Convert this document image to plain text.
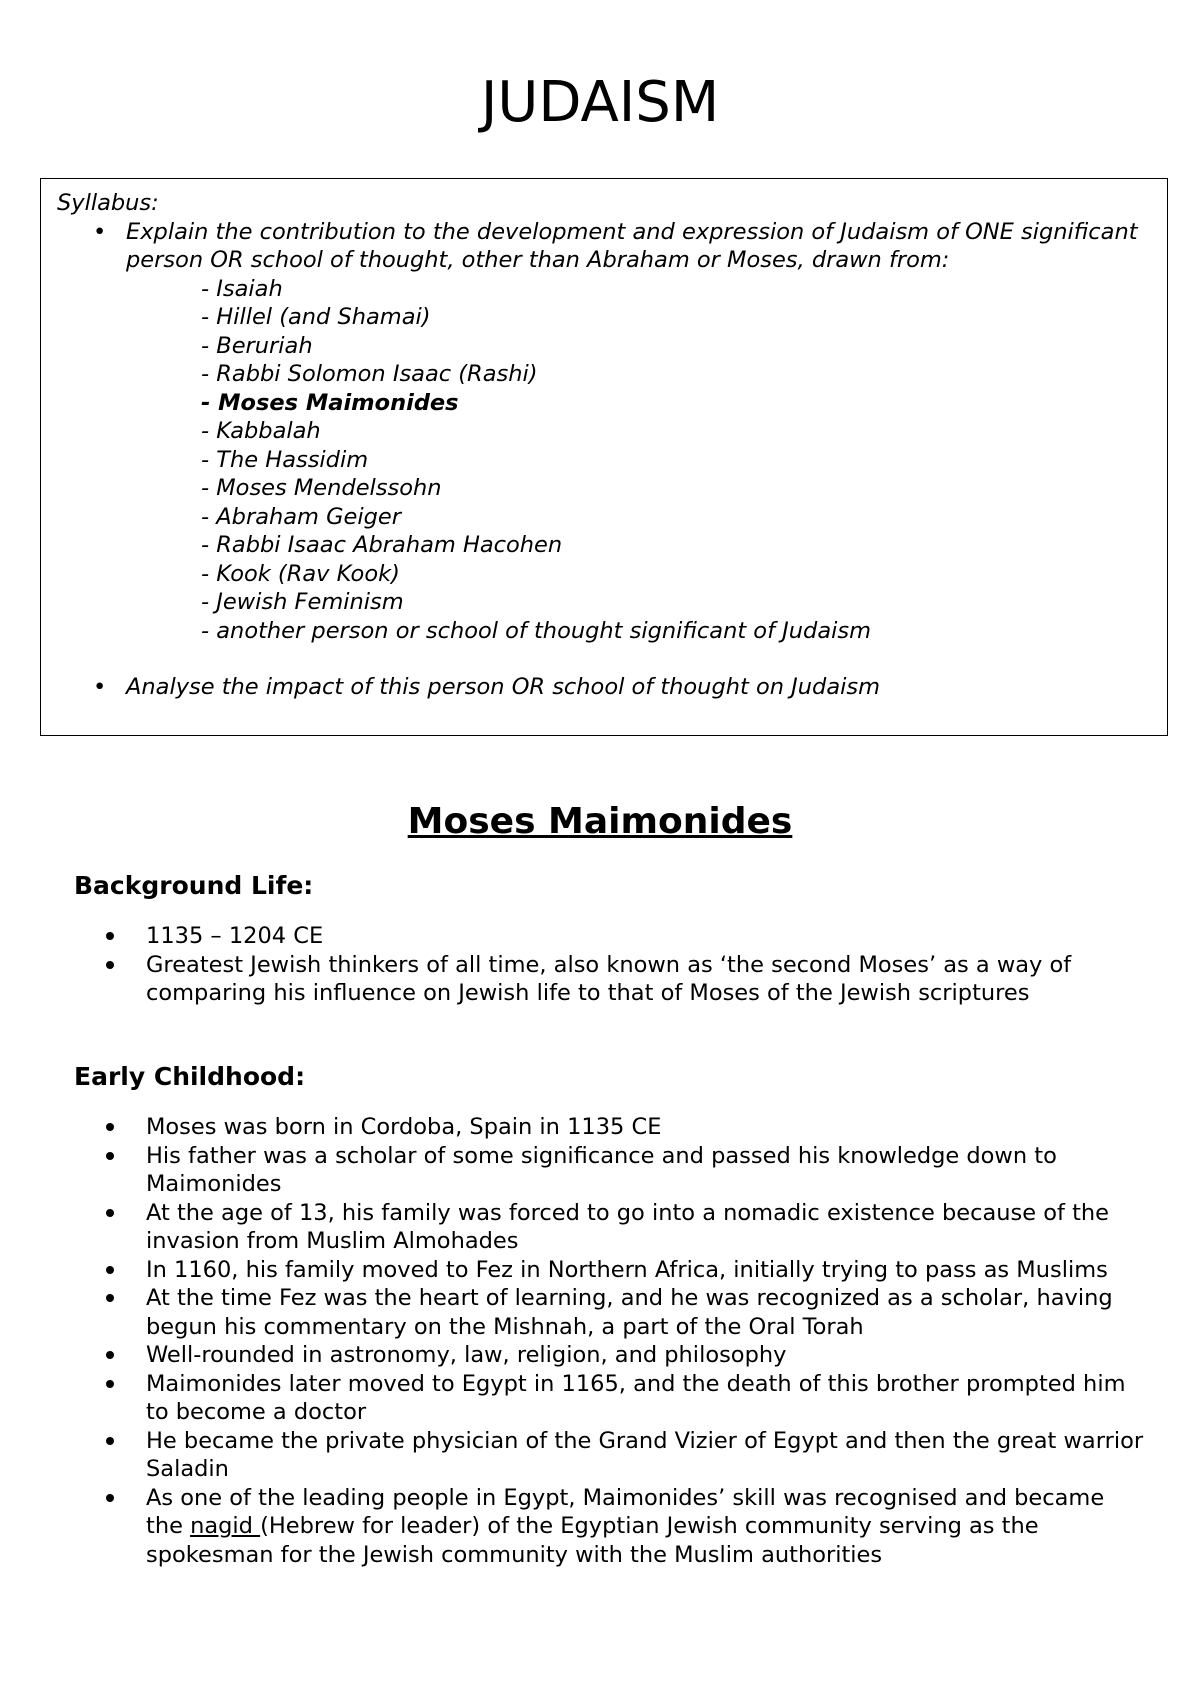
JUDAISM

Syllabus:

• Explain the contribution to the development and expression of Judaism of ONE significant person OR school of thought, other than Abraham or Moses, drawn from:
- Isaiah
- Hillel (and Shamai)
- Beruriah
- Rabbi Solomon Isaac (Rashi)
- Moses Maimonides
- Kabbalah
- The Hassidim
- Moses Mendelssohn
- Abraham Geiger
- Rabbi Isaac Abraham Hacohen
- Kook (Rav Kook)
- Jewish Feminism
- another person or school of thought significant of Judaism
• Analyse the impact of this person OR school of thought on Judaism
Moses Maimonides
Background Life:
1135 – 1204 CE
Greatest Jewish thinkers of all time, also known as ‘the second Moses’ as a way of comparing his influence on Jewish life to that of Moses of the Jewish scriptures
Early Childhood:
Moses was born in Cordoba, Spain in 1135 CE
His father was a scholar of some significance and passed his knowledge down to Maimonides
At the age of 13, his family was forced to go into a nomadic existence because of the invasion from Muslim Almohades
In 1160, his family moved to Fez in Northern Africa, initially trying to pass as Muslims
At the time Fez was the heart of learning, and he was recognized as a scholar, having begun his commentary on the Mishnah, a part of the Oral Torah
Well-rounded in astronomy, law, religion, and philosophy
Maimonides later moved to Egypt in 1165, and the death of this brother prompted him to become a doctor
He became the private physician of the Grand Vizier of Egypt and then the great warrior Saladin
As one of the leading people in Egypt, Maimonides’ skill was recognised and became the nagid (Hebrew for leader) of the Egyptian Jewish community serving as the spokesman for the Jewish community with the Muslim authorities
